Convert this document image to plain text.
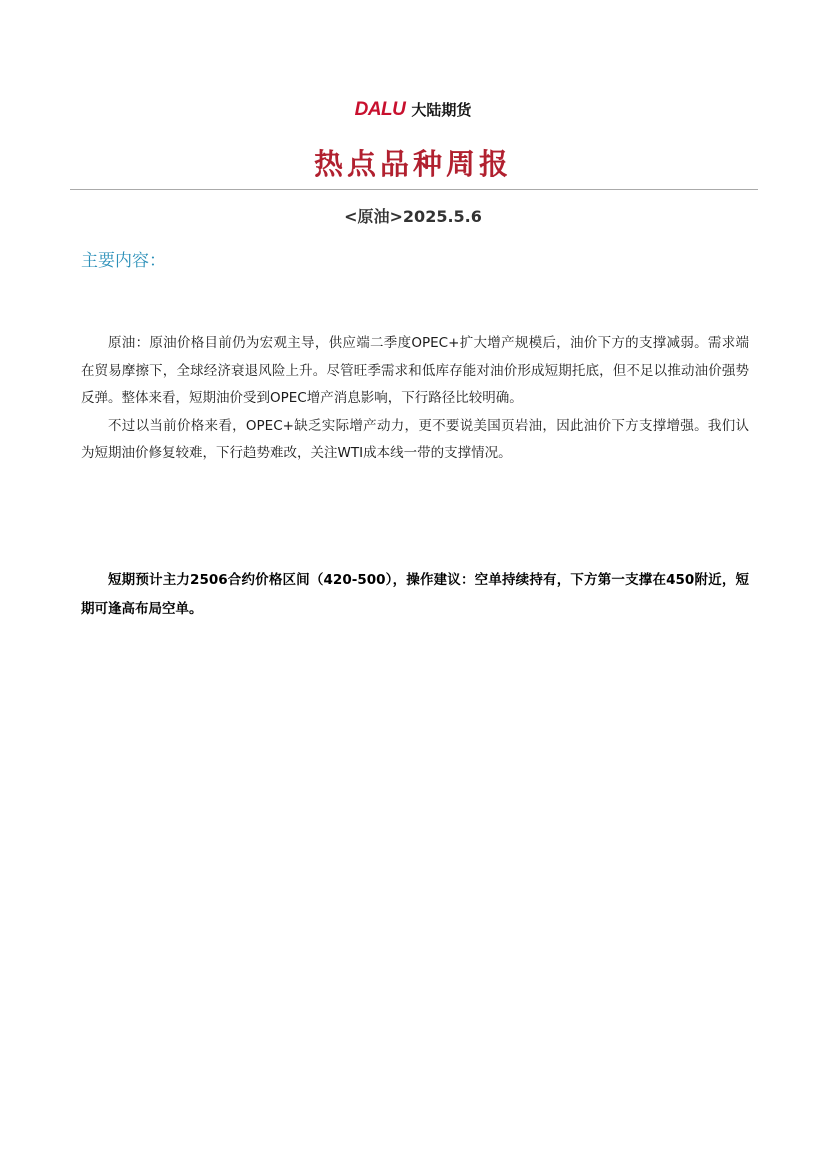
DALU 大陆期货
热点品种周报
<原油>2025.5.6
主要内容：

原油：原油价格目前仍为宏观主导，供应端二季度OPEC+扩大增产规模后，油价下方的支撑减弱。需求端在贸易摩擦下，全球经济衰退风险上升。尽管旺季需求和低库存能对油价形成短期托底，但不足以推动油价强势反弹。整体来看，短期油价受到OPEC增产消息影响，下行路径比较明确。

不过以当前价格来看，OPEC+缺乏实际增产动力，更不要说美国页岩油，因此油价下方支撑增强。我们认为短期油价修复较难，下行趋势难改，关注WTI成本线一带的支撑情况。

短期预计主力2506合约价格区间（420-500），操作建议：空单持续持有，下方第一支撑在450附近，短期可逢高布局空单。
